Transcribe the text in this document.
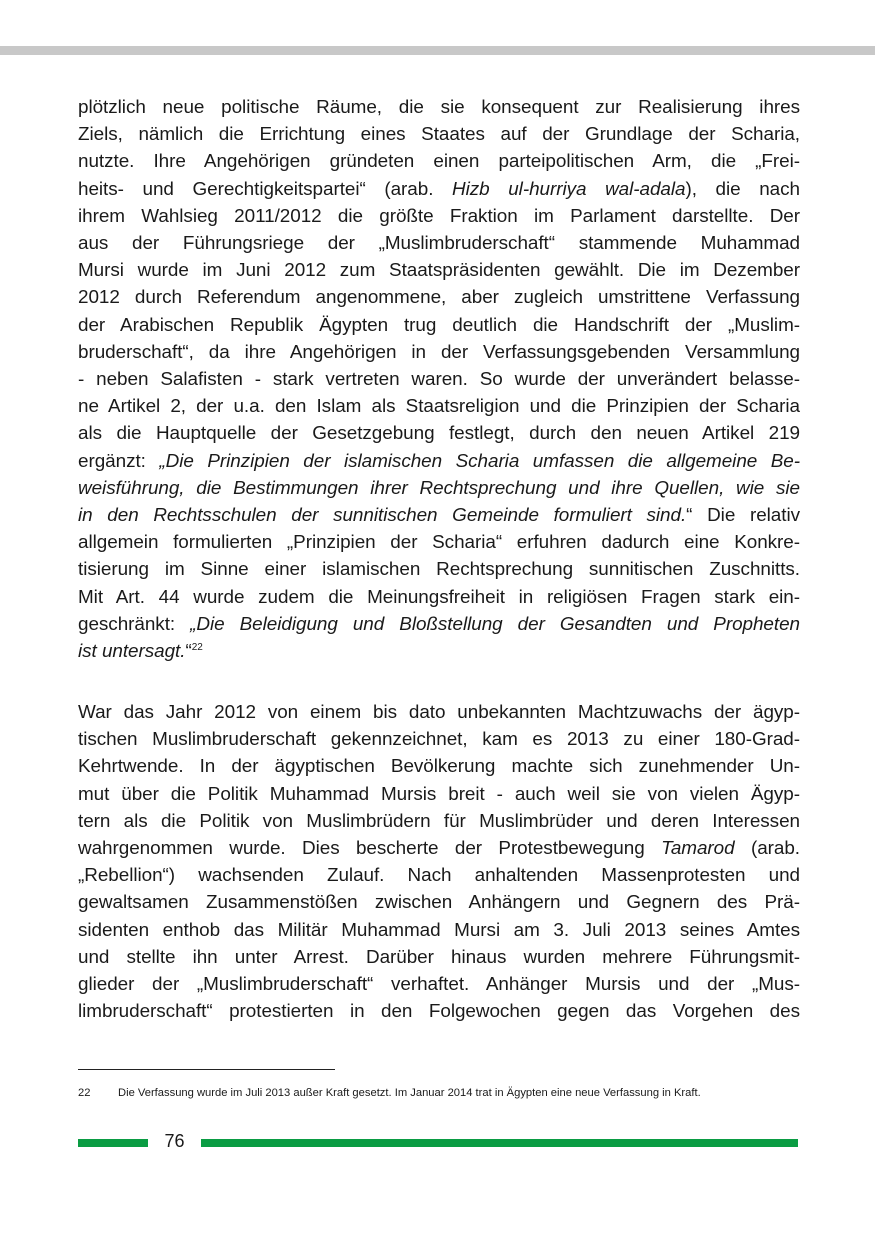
plötzlich neue politische Räume, die sie konsequent zur Realisierung ihres
Ziels, nämlich die Errichtung eines Staates auf der Grundlage der Scharia,
nutzte. Ihre Angehörigen gründeten einen parteipolitischen Arm, die „Frei-
heits- und Gerechtigkeitspartei“ (arab. Hizb ul-hurriya wal-adala), die nach
ihrem Wahlsieg 2011/2012 die größte Fraktion im Parlament darstellte. Der
aus der Führungsriege der „Muslimbruderschaft“ stammende Muhammad
Mursi wurde im Juni 2012 zum Staatspräsidenten gewählt. Die im Dezember
2012 durch Referendum angenommene, aber zugleich umstrittene Verfassung
der Arabischen Republik Ägypten trug deutlich die Handschrift der „Muslim-
bruderschaft“, da ihre Angehörigen in der Verfassungsgebenden Versammlung
- neben Salafisten - stark vertreten waren. So wurde der unverändert belasse-
ne Artikel 2, der u.a. den Islam als Staatsreligion und die Prinzipien der Scharia
als die Hauptquelle der Gesetzgebung festlegt, durch den neuen Artikel 219
ergänzt: „Die Prinzipien der islamischen Scharia umfassen die allgemeine Be-
weisführung, die Bestimmungen ihrer Rechtsprechung und ihre Quellen, wie sie
in den Rechtsschulen der sunnitischen Gemeinde formuliert sind.“ Die relativ
allgemein formulierten „Prinzipien der Scharia“ erfuhren dadurch eine Konkre-
tisierung im Sinne einer islamischen Rechtsprechung sunnitischen Zuschnitts.
Mit Art. 44 wurde zudem die Meinungsfreiheit in religiösen Fragen stark ein-
geschränkt: „Die Beleidigung und Bloßstellung der Gesandten und Propheten
ist untersagt.“$^{22}$
War das Jahr 2012 von einem bis dato unbekannten Machtzuwachs der ägyp-
tischen Muslimbruderschaft gekennzeichnet, kam es 2013 zu einer 180-Grad-
Kehrtwende. In der ägyptischen Bevölkerung machte sich zunehmender Un-
mut über die Politik Muhammad Mursis breit - auch weil sie von vielen Ägyp-
tern als die Politik von Muslimbrüdern für Muslimbrüder und deren Interessen
wahrgenommen wurde. Dies bescherte der Protestbewegung Tamarod (arab.
„Rebellion“) wachsenden Zulauf. Nach anhaltenden Massenprotesten und
gewaltsamen Zusammenstößen zwischen Anhängern und Gegnern des Prä-
sidenten enthob das Militär Muhammad Mursi am 3. Juli 2013 seines Amtes
und stellte ihn unter Arrest. Darüber hinaus wurden mehrere Führungsmit-
glieder der „Muslimbruderschaft“ verhaftet. Anhänger Mursis und der „Mus-
limbruderschaft“ protestierten in den Folgewochen gegen das Vorgehen des
22 Die Verfassung wurde im Juli 2013 außer Kraft gesetzt. Im Januar 2014 trat in Ägypten eine neue Verfassung in Kraft.
76
